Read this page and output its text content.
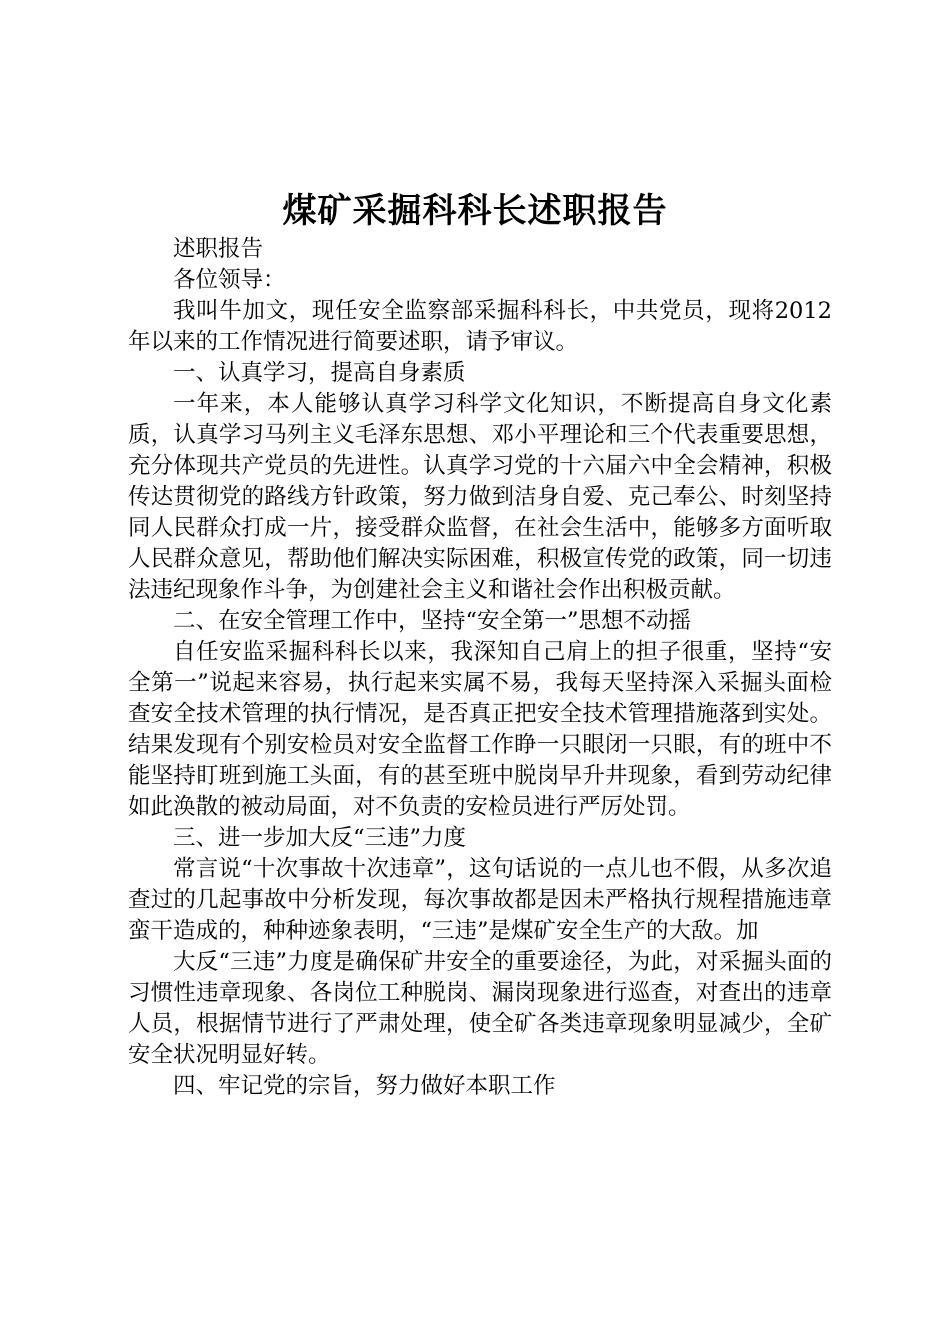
煤矿采掘科科长述职报告

述职报告

各位领导：

我叫牛加文，现任安全监察部采掘科科长，中共党员，现将2012年以来的工作情况进行简要述职，请予审议。

一、认真学习，提高自身素质

一年来，本人能够认真学习科学文化知识，不断提高自身文化素质，认真学习马列主义毛泽东思想、邓小平理论和三个代表重要思想，充分体现共产党员的先进性。认真学习党的十六届六中全会精神，积极传达贯彻党的路线方针政策，努力做到洁身自爱、克己奉公、时刻坚持同人民群众打成一片，接受群众监督，在社会生活中，能够多方面听取人民群众意见，帮助他们解决实际困难，积极宣传党的政策，同一切违法违纪现象作斗争，为创建社会主义和谐社会作出积极贡献。

二、在安全管理工作中，坚持“安全第一”思想不动摇

自任安监采掘科科长以来，我深知自己肩上的担子很重，坚持“安全第一”说起来容易，执行起来实属不易，我每天坚持深入采掘头面检查安全技术管理的执行情况，是否真正把安全技术管理措施落到实处。结果发现有个别安检员对安全监督工作睁一只眼闭一只眼，有的班中不能坚持盯班到施工头面，有的甚至班中脱岗早升井现象，看到劳动纪律如此涣散的被动局面，对不负责的安检员进行严厉处罚。

三、进一步加大反“三违”力度

常言说“十次事故十次违章”，这句话说的一点儿也不假，从多次追查过的几起事故中分析发现，每次事故都是因未严格执行规程措施违章蛮干造成的，种种迹象表明，“三违”是煤矿安全生产的大敌。加

大反“三违”力度是确保矿井安全的重要途径，为此，对采掘头面的习惯性违章现象、各岗位工种脱岗、漏岗现象进行巡查，对查出的违章人员，根据情节进行了严肃处理，使全矿各类违章现象明显减少，全矿安全状况明显好转。

四、牢记党的宗旨，努力做好本职工作
